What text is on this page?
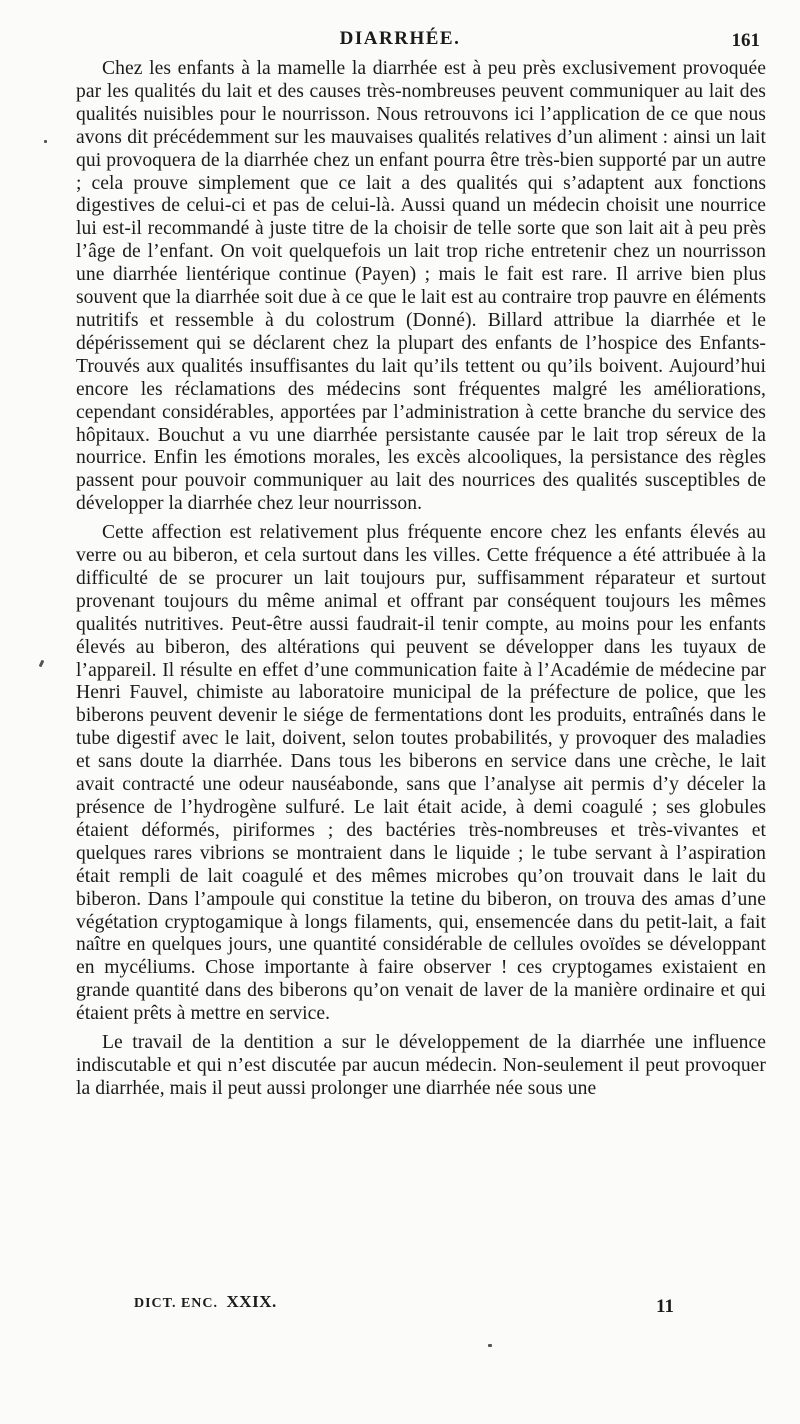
DIARRHÉE.	161

Chez les enfants à la mamelle la diarrhée est à peu près exclusivement provoquée par les qualités du lait et des causes très-nombreuses peuvent communiquer au lait des qualités nuisibles pour le nourrisson. Nous retrouvons ici l’application de ce que nous avons dit précédemment sur les mauvaises qualités relatives d’un aliment : ainsi un lait qui provoquera de la diarrhée chez un enfant pourra être très-bien supporté par un autre ; cela prouve simplement que ce lait a des qualités qui s’adaptent aux fonctions digestives de celui-ci et pas de celui-là. Aussi quand un médecin choisit une nourrice lui est-il recommandé à juste titre de la choisir de telle sorte que son lait ait à peu près l’âge de l’enfant. On voit quelquefois un lait trop riche entretenir chez un nourrisson une diarrhée lientérique continue (Payen) ; mais le fait est rare. Il arrive bien plus souvent que la diarrhée soit due à ce que le lait est au contraire trop pauvre en éléments nutritifs et ressemble à du colostrum (Donné). Billard attribue la diarrhée et le dépérissement qui se déclarent chez la plupart des enfants de l’hospice des Enfants-Trouvés aux qualités insuffisantes du lait qu’ils tettent ou qu’ils boivent. Aujourd’hui encore les réclamations des médecins sont fréquentes malgré les améliorations, cependant considérables, apportées par l’administration à cette branche du service des hôpitaux. Bouchut a vu une diarrhée persistante causée par le lait trop séreux de la nourrice. Enfin les émotions morales, les excès alcooliques, la persistance des règles passent pour pouvoir communiquer au lait des nourrices des qualités susceptibles de développer la diarrhée chez leur nourrisson.

Cette affection est relativement plus fréquente encore chez les enfants élevés au verre ou au biberon, et cela surtout dans les villes. Cette fréquence a été attribuée à la difficulté de se procurer un lait toujours pur, suffisamment réparateur et surtout provenant toujours du même animal et offrant par conséquent toujours les mêmes qualités nutritives. Peut-être aussi faudrait-il tenir compte, au moins pour les enfants élevés au biberon, des altérations qui peuvent se développer dans les tuyaux de l’appareil. Il résulte en effet d’une communication faite à l’Académie de médecine par Henri Fauvel, chimiste au laboratoire municipal de la préfecture de police, que les biberons peuvent devenir le siége de fermentations dont les produits, entraînés dans le tube digestif avec le lait, doivent, selon toutes probabilités, y provoquer des maladies et sans doute la diarrhée. Dans tous les biberons en service dans une crèche, le lait avait contracté une odeur nauséabonde, sans que l’analyse ait permis d’y déceler la présence de l’hydrogène sulfuré. Le lait était acide, à demi coagulé ; ses globules étaient déformés, piriformes ; des bactéries très-nombreuses et très-vivantes et quelques rares vibrions se montraient dans le liquide ; le tube servant à l’aspiration était rempli de lait coagulé et des mêmes microbes qu’on trouvait dans le lait du biberon. Dans l’ampoule qui constitue la tetine du biberon, on trouva des amas d’une végétation cryptogamique à longs filaments, qui, ensemencée dans du petit-lait, a fait naître en quelques jours, une quantité considérable de cellules ovoïdes se développant en mycéliums. Chose importante à faire observer ! ces cryptogames existaient en grande quantité dans des biberons qu’on venait de laver de la manière ordinaire et qui étaient prêts à mettre en service.

Le travail de la dentition a sur le développement de la diarrhée une influence indiscutable et qui n’est discutée par aucun médecin. Non-seulement il peut provoquer la diarrhée, mais il peut aussi prolonger une diarrhée née sous une

DICT. ENC. XXIX.	11
